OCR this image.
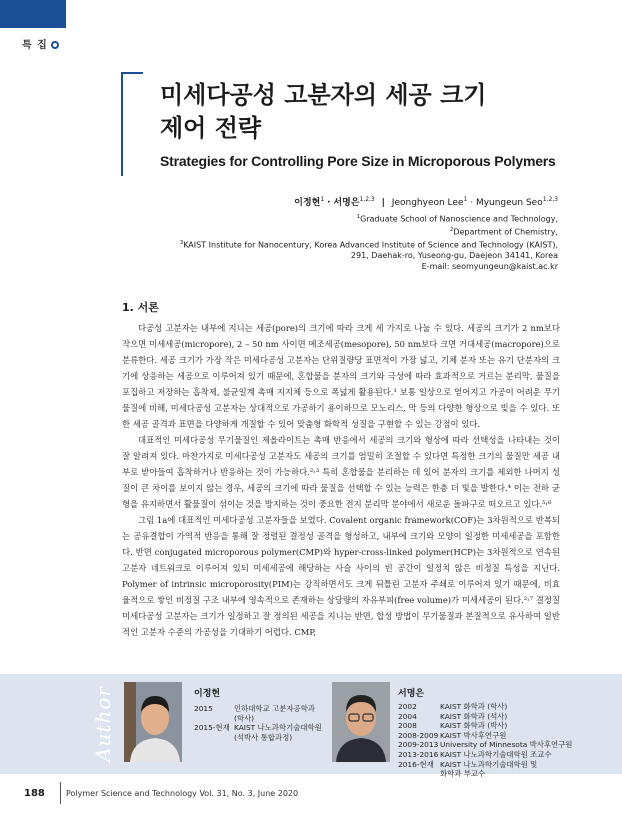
특 집
미세다공성 고분자의 세공 크기
제어 전략
Strategies for Controlling Pore Size in Microporous Polymers
이정현$^1$ · 서명은$^{1,2,3}$ | Jeonghyeon Lee$^1$ · Myungeun Seo$^{1,2,3}$
$^1$Graduate School of Nanoscience and Technology,
$^2$Department of Chemistry,
$^3$KAIST Institute for Nanocentury, Korea Advanced Institute of Science and Technology (KAIST),
291, Daehak-ro, Yuseong-gu, Daejeon 34141, Korea
E-mail: seomyungeun@kaist.ac.kr
1. 서론

다공성 고분자는 내부에 지니는 세공(pore)의 크기에 따라 크게 세 가지로 나눌 수 있다. 세공의 크기가 2 nm보다 작으면 미세세공(micropore), 2 – 50 nm 사이면 메조세공(mesopore), 50 nm보다 크면 거대세공(macropore)으로 분류한다. 세공 크기가 가장 작은 미세다공성 고분자는 단위질량당 표면적이 가장 넓고, 기체 분자 또는 유기 단분자의 크기에 상응하는 세공으로 이루어져 있기 때문에, 혼합물을 분자의 크기와 극성에 따라 효과적으로 거르는 분리막, 물질을 포집하고 저장하는 흡착제, 불균일계 촉매 지지체 등으로 폭넓게 활용된다.¹ 보통 일상으로 얻어지고 가공이 어려운 무기물질에 비해, 미세다공성 고분자는 상대적으로 가공하기 용이하므로 모노리스, 막 등의 다양한 형상으로 빚을 수 있다. 또한 세공 골격과 표면을 다양하게 개질할 수 있어 맞춤형 화학적 성질을 구현할 수 있는 강점이 있다.

대표적인 미세다공성 무기물질인 제올라이트는 촉매 반응에서 세공의 크기와 형상에 따라 선택성을 나타내는 것이 잘 알려져 있다. 마찬가지로 미세다공성 고분자도 세공의 크기를 엄밀히 조절할 수 있다면 특정한 크기의 물질만 세공 내부로 받아들여 흡착하거나 반응하는 것이 가능하다.²˒³ 특히 혼합물을 분리하는 데 있어 분자의 크기를 제외한 나머지 성질이 큰 차이를 보이지 않는 경우, 세공의 크기에 따라 물질을 선택할 수 있는 능력은 한층 더 빛을 발한다.⁴ 이는 전하 균형을 유지하면서 활물질이 섞이는 것을 방지하는 것이 중요한 전지 분리막 분야에서 새로운 돌파구로 떠오르고 있다.⁵˒⁶

그림 1a에 대표적인 미세다공성 고분자들을 보였다. Covalent organic framework(COF)는 3차원적으로 반복되는 공유결합이 가역적 반응을 통해 잘 정렬된 결정성 골격을 형성하고, 내부에 크기와 모양이 일정한 미세세공을 포함한다. 반면 conjugated microporous polymer(CMP)와 hyper-cross-linked polymer(HCP)는 3차원적으로 연속된 고분자 네트워크로 이루어져 있되 미세세공에 해당하는 사슬 사이의 빈 공간이 일정치 않은 비정질 특성을 지닌다. Polymer of intrinsic microporosity(PIM)는 강직하면서도 크게 뒤틀린 고분자 주쇄로 이루어져 있기 때문에, 비효율적으로 쌓인 비정질 구조 내부에 영속적으로 존재하는 상당량의 자유부피(free volume)가 미세세공이 된다.²˒⁷ 결정질 미세다공성 고분자는 크기가 일정하고 잘 정의된 세공을 지니는 반면, 합성 방법이 무기물질과 본질적으로 유사하여 일반적인 고분자 수준의 가공성을 기대하기 어렵다. CMP,

Author	이정현
2015	인하대학교 고분자공학과
(학사)
2015-현재 KAIST 나노과학기술대학원
(석박사 통합과정)
서명은
2002	KAIST 화학과 (학사)
2004	KAIST 화학과 (석사)
2008	KAIST 화학과 (박사)
2008-2009 KAIST 박사후연구원
2009-2013 University of Minnesota 박사후연구원
2013-2016 KAIST 나노과학기술대학원 조교수
2016-현재 KAIST 나노과학기술대학원 및
화학과 부교수
188	Polymer Science and Technology Vol. 31, No. 3, June 2020
